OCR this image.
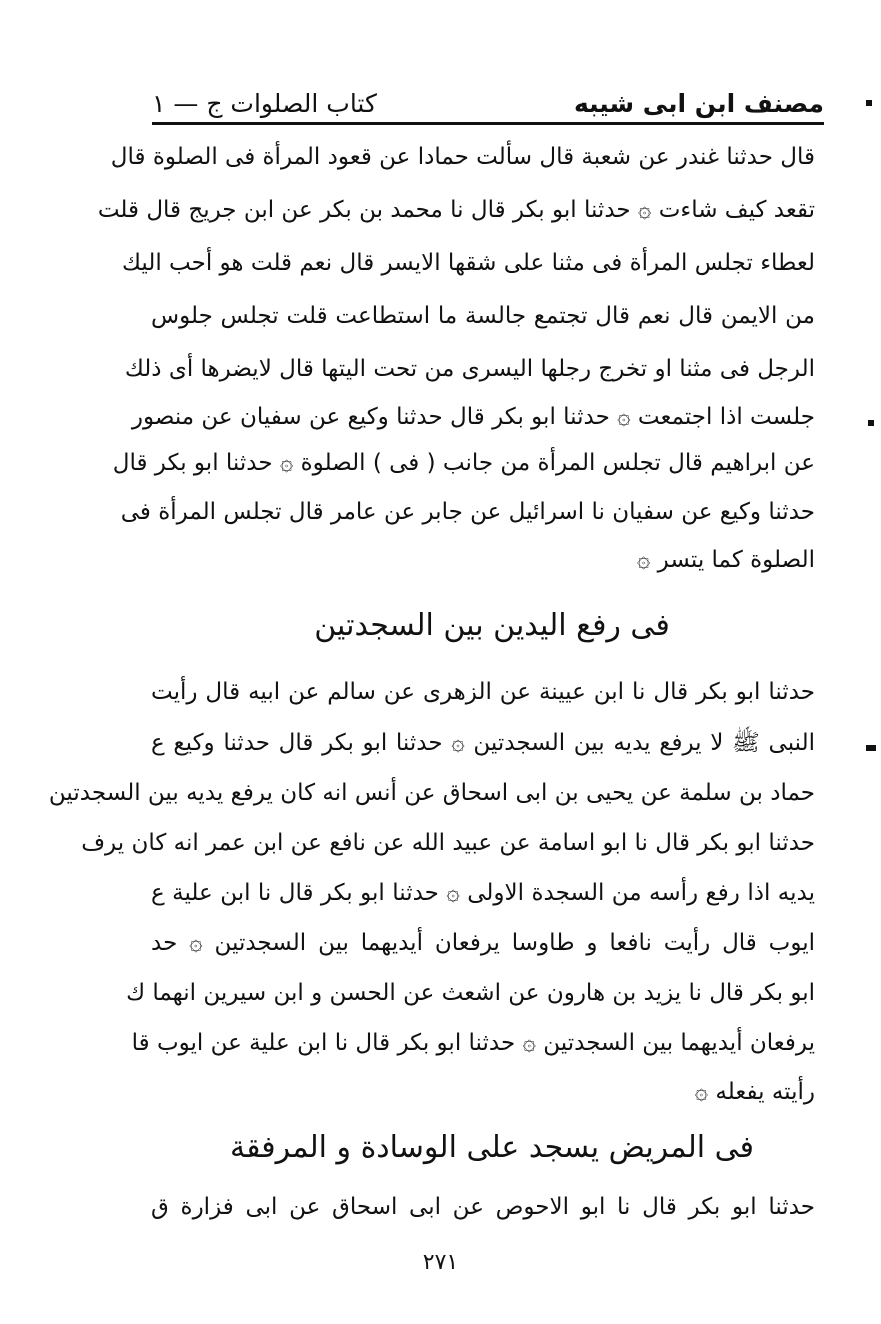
مصنف ابن ابی شیبه
كتاب الصلوات ج — ١
قال حدثنا غندر عن شعبة قال سألت حمادا عن قعود المرأة فی الصلوة قال
تقعد كيف شاءت ۞ حدثنا ابو بكر قال نا محمد بن بكر عن ابن جريج قال قلت
لعطاء تجلس المرأة فی مثنا علی شقها الایسر قال نعم قلت هو أحب الیك
من الایمن قال نعم قال تجتمع جالسة ما استطاعت قلت تجلس جلوس
الرجل فی مثنا او تخرج رجلها الیسری من تحت الیتها قال لایضرها أی ذلك
جلست اذا اجتمعت ۞ حدثنا ابو بكر قال حدثنا وكیع عن سفیان عن منصور
عن ابراهیم قال تجلس المرأة من جانب ( فی ) الصلوة ۞ حدثنا ابو بكر قال
حدثنا وكیع عن سفیان نا اسرائیل عن جابر عن عامر قال تجلس المرأة فی
الصلوة كما يتسر ۞
فی رفع الیدین بین السجدتین
حدثنا ابو بكر قال نا ابن عیینة عن الزهری عن سالم عن ابیه قال رأیت
النبی ﷺ لا یرفع یدیه بین السجدتین ۞ حدثنا ابو بكر قال حدثنا وكیع ع
حماد بن سلمة عن یحیی بن ابی اسحاق عن أنس انه كان یرفع یدیه بین السجدتین
حدثنا ابو بكر قال نا ابو اسامة عن عبید الله عن نافع عن ابن عمر انه كان یرف
یدیه اذا رفع رأسه من السجدة الاولی ۞ حدثنا ابو بكر قال نا ابن علیة ع
ایوب قال رأیت نافعا و طاوسا یرفعان أیدیهما بین السجدتین ۞ حد
ابو بكر قال نا یزید بن هارون عن اشعث عن الحسن و ابن سیرین انهما ك
یرفعان أیدیهما بین السجدتین ۞ حدثنا ابو بكر قال نا ابن علیة عن ایوب قا
رأیته یفعله ۞
فی المریض یسجد علی الوسادة و المرفقة
حدثنا ابو بكر قال نا ابو الاحوص عن ابی اسحاق عن ابی فزارة ق
٢٧١
